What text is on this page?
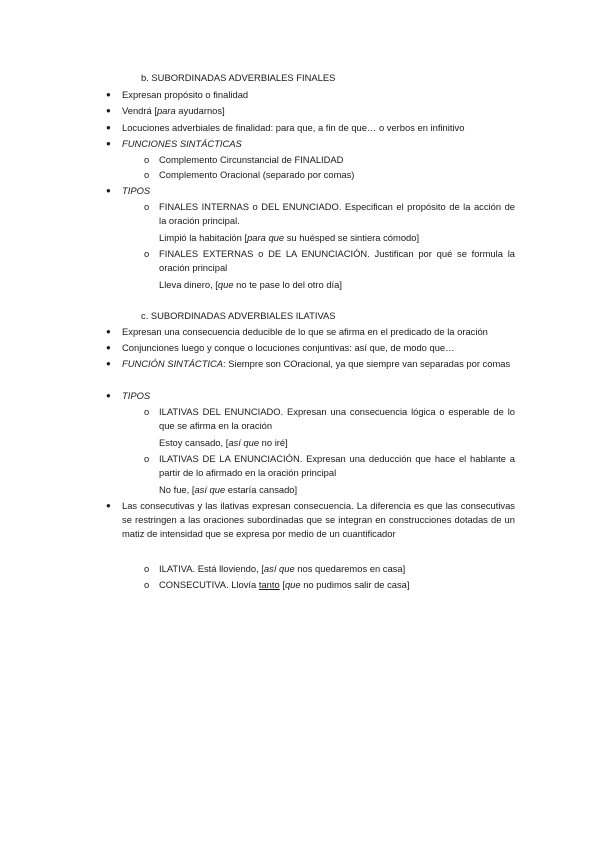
b. SUBORDINADAS ADVERBIALES FINALES
● Expresan propósito o finalidad
● Vendrá [para ayudarnos]
● Locuciones adverbiales de finalidad: para que, a fin de que… o verbos en infinitivo
● FUNCIONES SINTÁCTICAS
o Complemento Circunstancial de FINALIDAD
o Complemento Oracional (separado por comas)
● TIPOS
o FINALES INTERNAS o DEL ENUNCIADO. Especifican el propósito de la acción de la oración principal.
Limpió la habitación [para que su huésped se sintiera cómodo]
o FINALES EXTERNAS o DE LA ENUNCIACIÓN. Justifican por qué se formula la oración principal
Lleva dinero, [que no te pase lo del otro día]
c. SUBORDINADAS ADVERBIALES ILATIVAS
● Expresan una consecuencia deducible de lo que se afirma en el predicado de la oración
● Conjunciones luego y conque o locuciones conjuntivas: así que, de modo que…
● FUNCIÓN SINTÁCTICA: Siempre son COracional, ya que siempre van separadas por comas
● TIPOS
o ILATIVAS DEL ENUNCIADO. Expresan una consecuencia lógica o esperable de lo que se afirma en la oración
Estoy cansado, [así que no iré]
o ILATIVAS DE LA ENUNCIACIÓN. Expresan una deducción que hace el hablante a partir de lo afirmado en la oración principal
No fue, [así que estaría cansado]
● Las consecutivas y las ilativas expresan consecuencia. La diferencia es que las consecutivas se restringen a las oraciones subordinadas que se integran en construcciones dotadas de un matiz de intensidad que se expresa por medio de un cuantificador
o ILATIVA. Está lloviendo, [así que nos quedaremos en casa]
o CONSECUTIVA. Llovía tanto [que no pudimos salir de casa]
